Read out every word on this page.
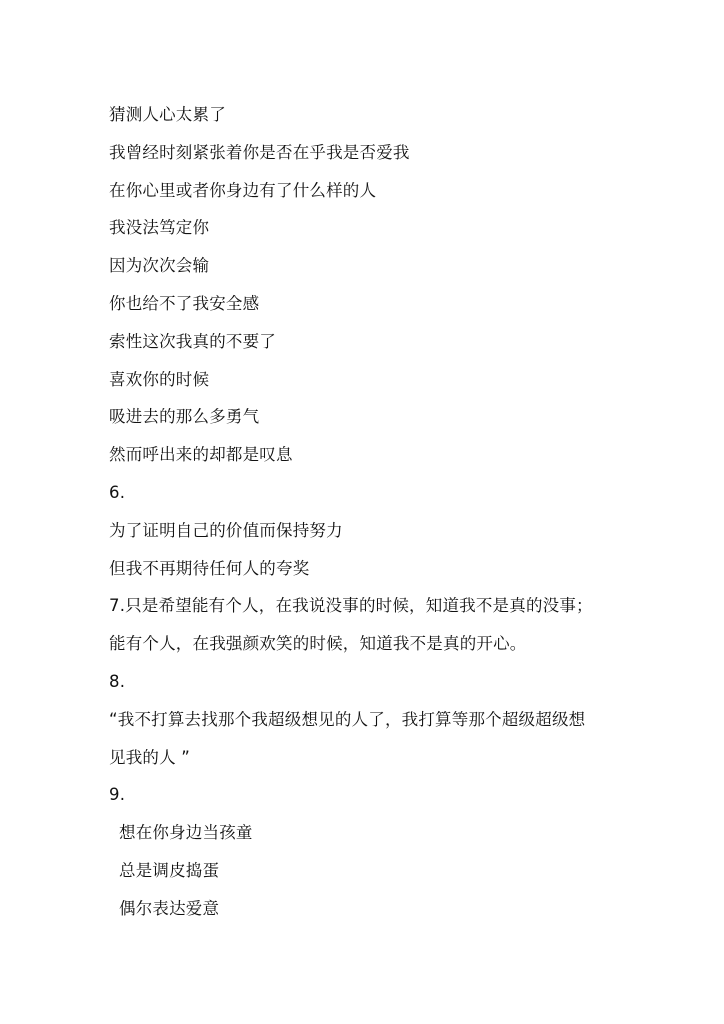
猜测人心太累了
我曾经时刻紧张着你是否在乎我是否爱我
在你心里或者你身边有了什么样的人
我没法笃定你
因为次次会输
你也给不了我安全感
索性这次我真的不要了
喜欢你的时候
吸进去的那么多勇气
然而呼出来的却都是叹息
6.
为了证明自己的价值而保持努力
但我不再期待任何人的夸奖
7.只是希望能有个人，在我说没事的时候，知道我不是真的没事；
能有个人，在我强颜欢笑的时候，知道我不是真的开心。
8.
“我不打算去找那个我超级想见的人了，我打算等那个超级超级想
见我的人 ”
9.
想在你身边当孩童
总是调皮捣蛋
偶尔表达爱意
